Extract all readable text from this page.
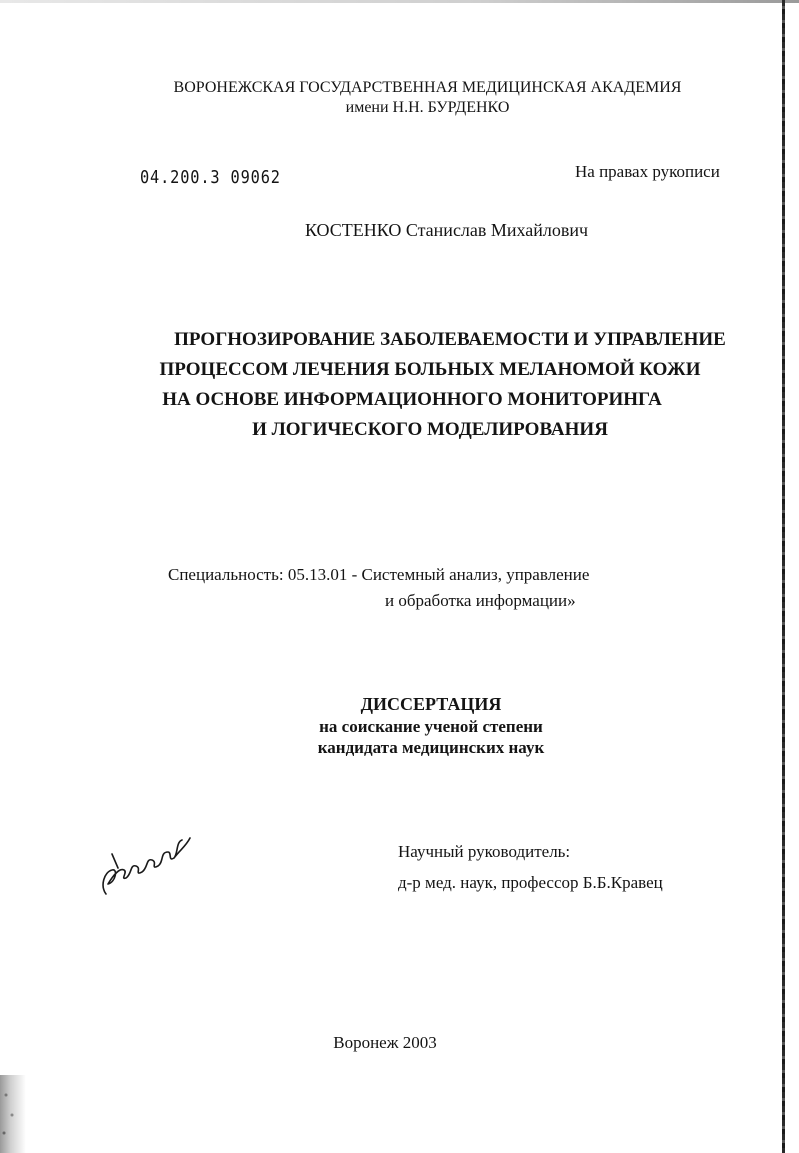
ВОРОНЕЖСКАЯ ГОСУДАРСТВЕННАЯ МЕДИЦИНСКАЯ АКАДЕМИЯ
имени Н.Н. БУРДЕНКО
04.200.3 09062	На правах рукописи
КОСТЕНКО Станислав Михайлович
ПРОГНОЗИРОВАНИЕ ЗАБОЛЕВАЕМОСТИ И УПРАВЛЕНИЕ
ПРОЦЕССОМ ЛЕЧЕНИЯ БОЛЬНЫХ МЕЛАНОМОЙ КОЖИ
НА ОСНОВЕ ИНФОРМАЦИОННОГО МОНИТОРИНГА
И ЛОГИЧЕСКОГО МОДЕЛИРОВАНИЯ
Специальность: 05.13.01 - Системный анализ, управление
и обработка информации»
ДИССЕРТАЦИЯ
на соискание ученой степени
кандидата медицинских наук
Научный руководитель:
д-р мед. наук, профессор Б.Б.Кравец
Воронеж 2003
